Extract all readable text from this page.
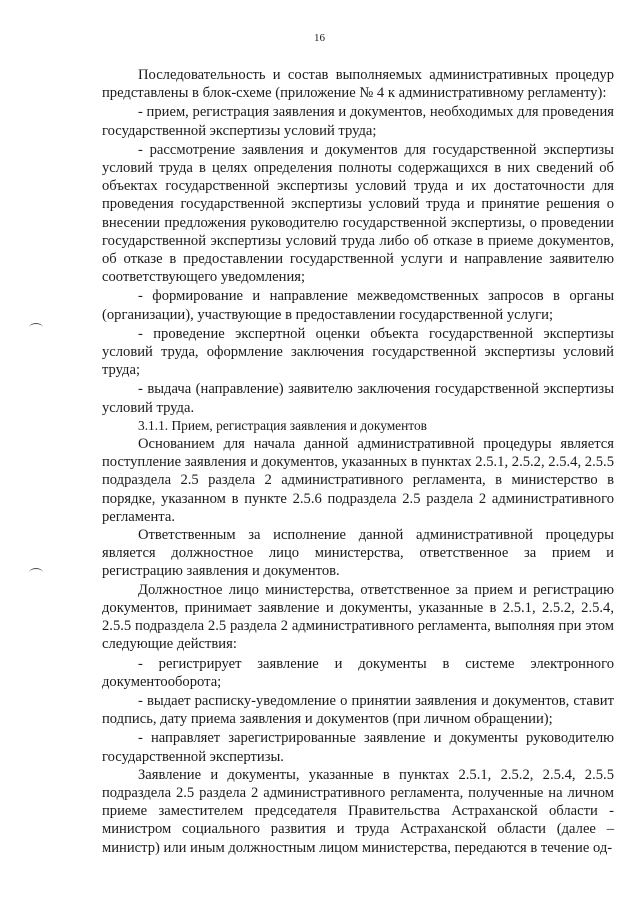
16

Последовательность и состав выполняемых административных процедур представлены в блок-схеме (приложение № 4 к административному регламенту):

- прием, регистрация заявления и документов, необходимых для проведения государственной экспертизы условий труда;

- рассмотрение заявления и документов для государственной экспертизы условий труда в целях определения полноты содержащихся в них сведений об объектах государственной экспертизы условий труда и их достаточности для проведения государственной экспертизы условий труда и принятие решения о внесении предложения руководителю государственной экспертизы, о проведении государственной экспертизы условий труда либо об отказе в приеме документов, об отказе в предоставлении государственной услуги и направление заявителю соответствующего уведомления;

- формирование и направление межведомственных запросов в органы (организации), участвующие в предоставлении государственной услуги;

- проведение экспертной оценки объекта государственной экспертизы условий труда, оформление заключения государственной экспертизы условий труда;

- выдача (направление) заявителю заключения государственной экспертизы условий труда.

3.1.1. Прием, регистрация заявления и документов

Основанием для начала данной административной процедуры является поступление заявления и документов, указанных в пунктах 2.5.1, 2.5.2, 2.5.4, 2.5.5 подраздела 2.5 раздела 2 административного регламента, в министерство в порядке, указанном в пункте 2.5.6 подраздела 2.5 раздела 2 административного регламента.

Ответственным за исполнение данной административной процедуры является должностное лицо министерства, ответственное за прием и регистрацию заявления и документов.

Должностное лицо министерства, ответственное за прием и регистрацию документов, принимает заявление и документы, указанные в 2.5.1, 2.5.2, 2.5.4, 2.5.5 подраздела 2.5 раздела 2 административного регламента, выполняя при этом следующие действия:

- регистрирует заявление и документы в системе электронного документооборота;

- выдает расписку-уведомление о принятии заявления и документов, ставит подпись, дату приема заявления и документов (при личном обращении);

- направляет зарегистрированные заявление и документы руководителю государственной экспертизы.

Заявление и документы, указанные в пунктах 2.5.1, 2.5.2, 2.5.4, 2.5.5 подраздела 2.5 раздела 2 административного регламента, полученные на личном приеме заместителем председателя Правительства Астраханской области - министром социального развития и труда Астраханской области (далее – министр) или иным должностным лицом министерства, передаются в течение од-
